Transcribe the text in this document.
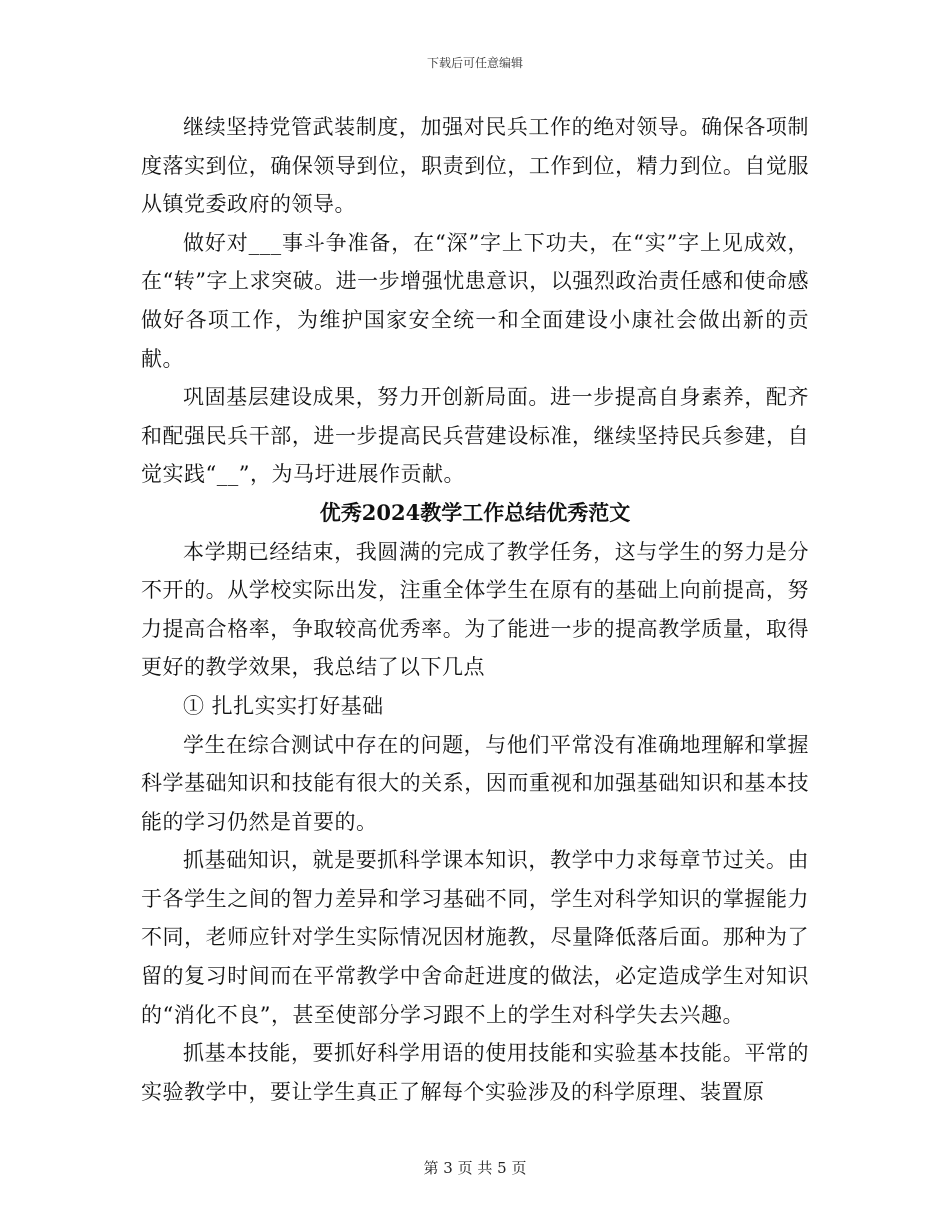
下载后可任意编辑

继续坚持党管武装制度，加强对民兵工作的绝对领导。确保各项制度落实到位，确保领导到位，职责到位，工作到位，精力到位。自觉服从镇党委政府的领导。

做好对___事斗争准备，在“深”字上下功夫，在“实”字上见成效，在“转”字上求突破。进一步增强忧患意识，以强烈政治责任感和使命感做好各项工作，为维护国家安全统一和全面建设小康社会做出新的贡献。

巩固基层建设成果，努力开创新局面。进一步提高自身素养，配齐和配强民兵干部，进一步提高民兵营建设标准，继续坚持民兵参建，自觉实践“__”，为马圩进展作贡献。

优秀2024教学工作总结优秀范文

本学期已经结束，我圆满的完成了教学任务，这与学生的努力是分不开的。从学校实际出发，注重全体学生在原有的基础上向前提高，努力提高合格率，争取较高优秀率。为了能进一步的提高教学质量，取得更好的教学效果，我总结了以下几点

① 扎扎实实打好基础

学生在综合测试中存在的问题，与他们平常没有准确地理解和掌握科学基础知识和技能有很大的关系，因而重视和加强基础知识和基本技能的学习仍然是首要的。

抓基础知识，就是要抓科学课本知识，教学中力求每章节过关。由于各学生之间的智力差异和学习基础不同，学生对科学知识的掌握能力不同，老师应针对学生实际情况因材施教，尽量降低落后面。那种为了留的复习时间而在平常教学中舍命赶进度的做法，必定造成学生对知识的“消化不良”，甚至使部分学习跟不上的学生对科学失去兴趣。

抓基本技能，要抓好科学用语的使用技能和实验基本技能。平常的实验教学中，要让学生真正了解每个实验涉及的科学原理、装置原

第 3 页 共 5 页
